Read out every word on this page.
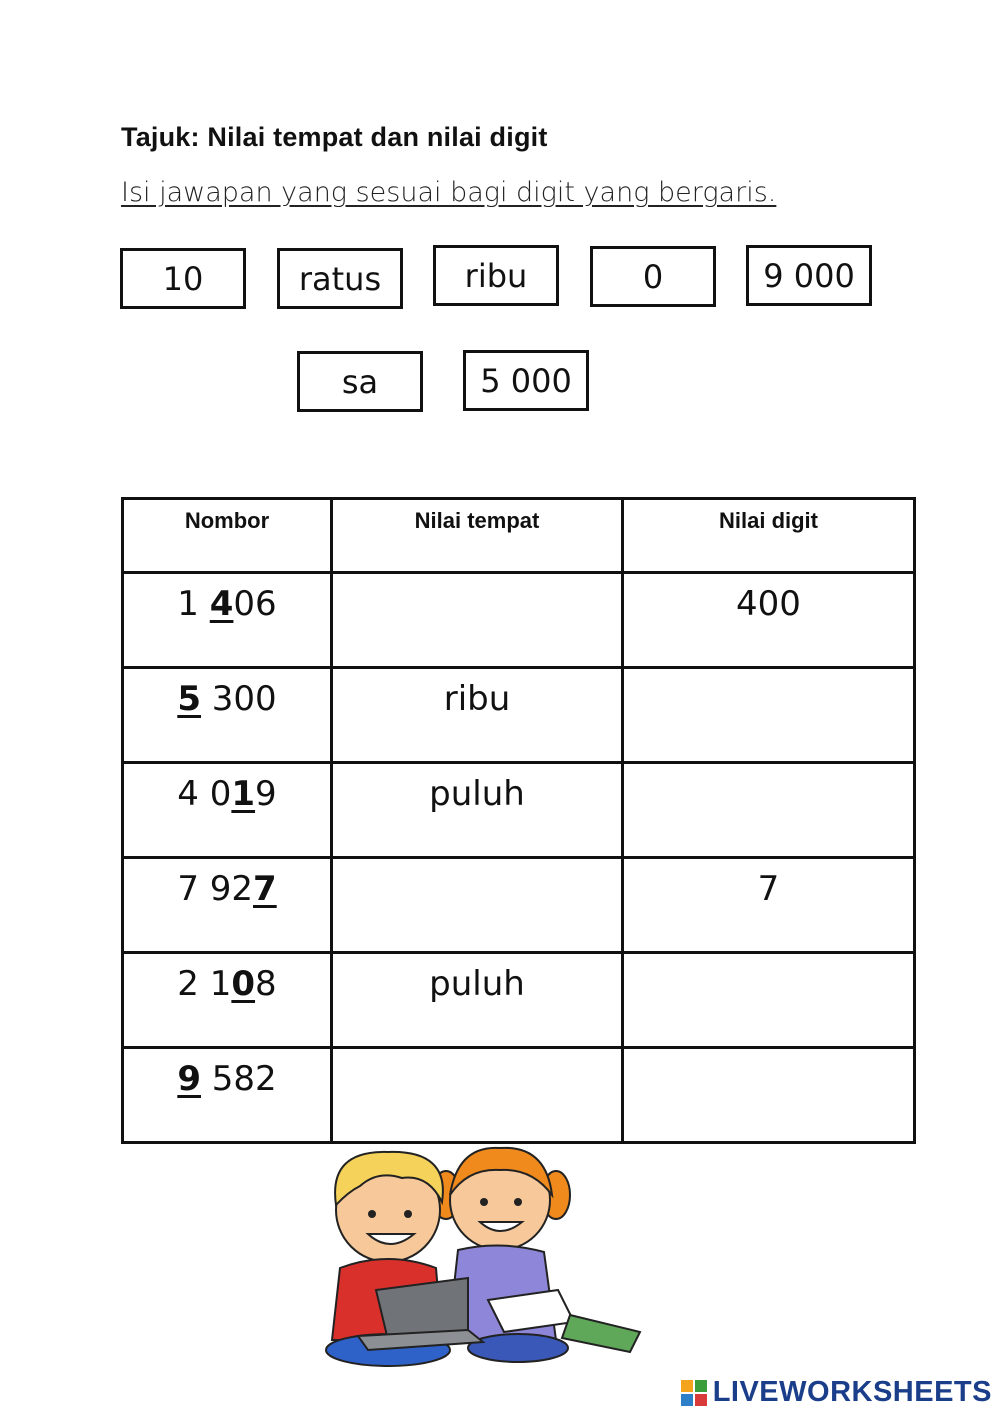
Tajuk: Nilai tempat dan nilai digit
Isi jawapan yang sesuai bagi digit yang bergaris.
10	ratus	ribu	0	9 000
sa	5 000
Nombor	Nilai tempat	Nilai digit
1 406		400
5 300	ribu	

4 019	puluh	

7 927		7
2 108	puluh	

9 582	

LIVEWORKSHEETS
